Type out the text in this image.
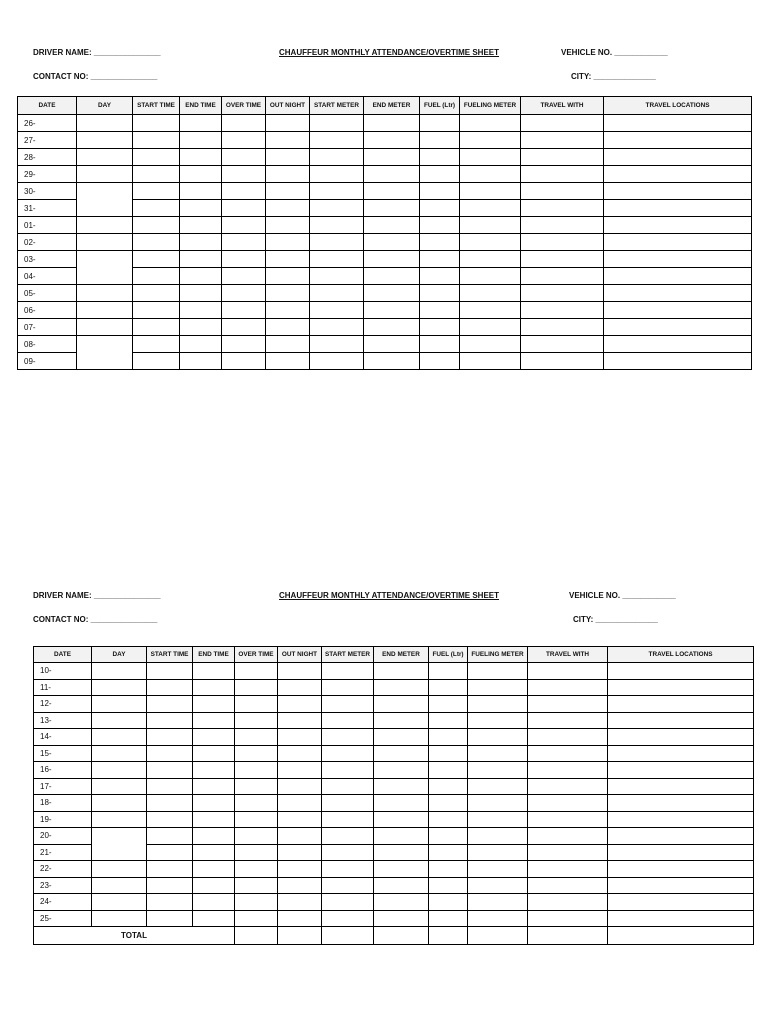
DRIVER NAME: _______________	CHAUFFEUR MONTHLY ATTENDANCE/OVERTIME SHEET	VEHICLE NO. ____________
CONTACT NO: _______________	CITY: ______________
DATE	DAY	START TIME	END TIME	OVER TIME	OUT NIGHT	START METER	END METER	FUEL (Ltr)	FUELING METER	TRAVEL WITH	TRAVEL LOCATIONS
26-											
27-											
28-											
29-											
30-											
31-											
01-											
02-											
03-											
04-											
05-											
06-											
07-											
08-											
09-											
DRIVER NAME: _______________	CHAUFFEUR MONTHLY ATTENDANCE/OVERTIME SHEET	VEHICLE NO. ____________
CONTACT NO: _______________	CITY: ______________
DATE	DAY	START TIME	END TIME	OVER TIME	OUT NIGHT	START METER	END METER	FUEL (Ltr)	FUELING METER	TRAVEL WITH	TRAVEL LOCATIONS
10-											
11-											
12-											
13-											
14-											
15-											
16-											
17-											
18-											
19-											
20-											
21-											
22-											
23-											
24-											
25-											
TOTAL											
